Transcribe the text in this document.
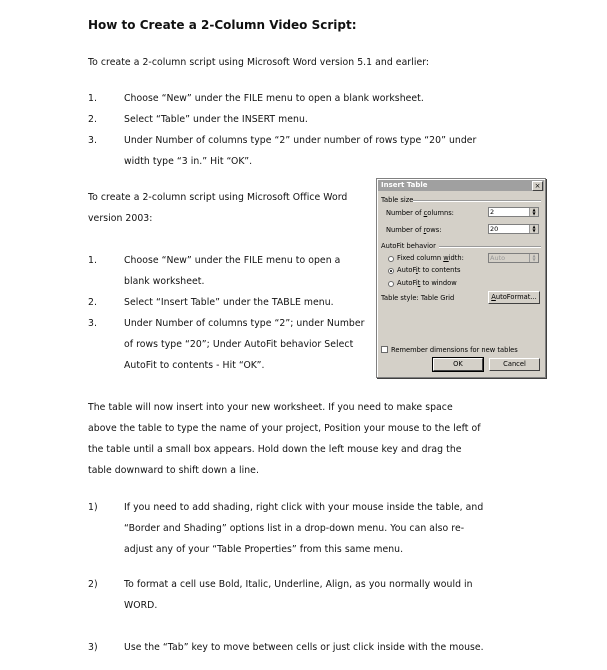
How to Create a 2-Column Video Script:
To create a 2-column script using Microsoft Word version 5.1 and earlier:
1.	Choose “New” under the FILE menu to open a blank worksheet.
2.	Select “Table” under the INSERT menu.
3.	Under Number of columns type “2” under number of rows type “20” under
width type “3 in.” Hit “OK”.
To create a 2-column script using Microsoft Office Word
version 2003:
1.	Choose “New” under the FILE menu to open a
blank worksheet.
2.	Select “Insert Table” under the TABLE menu.
3.	Under Number of columns type “2”; under Number
of rows type “20”; Under AutoFit behavior Select
AutoFit to contents - Hit “OK”.
The table will now insert into your new worksheet. If you need to make space
above the table to type the name of your project, Position your mouse to the left of
the table until a small box appears. Hold down the left mouse key and drag the
table downward to shift down a line.
1)	If you need to add shading, right click with your mouse inside the table, and
“Border and Shading” options list in a drop-down menu. You can also re-
adjust any of your “Table Properties” from this same menu.
2)	To format a cell use Bold, Italic, Underline, Align, as you normally would in
WORD.
3)	Use the “Tab” key to move between cells or just click inside with the mouse.
Insert Table	×
Table size
Number of columns:	2	▲
▼
Number of rows:	20	▲
▼
AutoFit behavior
Fixed column width:	Auto	▲
▼
AutoFit to contents
AutoFit to window
Table style: Table Grid	AutoFormat...
Remember dimensions for new tables
OK	Cancel
